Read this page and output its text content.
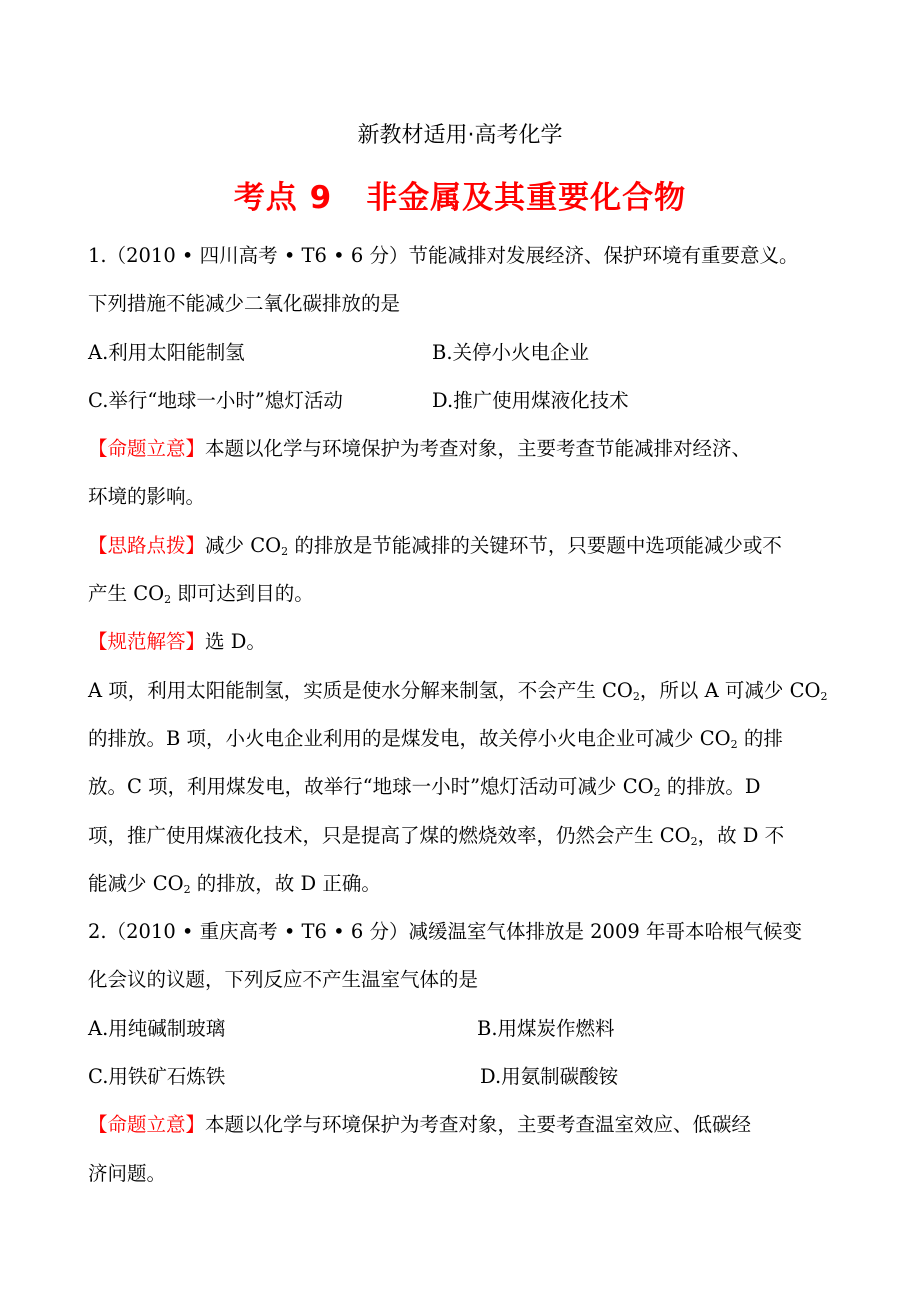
新教材适用·高考化学
考点 9 非金属及其重要化合物
1.（2010 • 四川高考 • T6 • 6 分）节能减排对发展经济、保护环境有重要意义。
下列措施不能减少二氧化碳排放的是
A.利用太阳能制氢	B.关停小火电企业
C.举行“地球一小时”熄灯活动	D.推广使用煤液化技术
【命题立意】本题以化学与环境保护为考查对象，主要考查节能减排对经济、
环境的影响。
【思路点拨】减少 $CO_2$ 的排放是节能减排的关键环节，只要题中选项能减少或不
产生 $CO_2$ 即可达到目的。
【规范解答】选 D。
A 项，利用太阳能制氢，实质是使水分解来制氢，不会产生 $CO_2$，所以 A 可减少 $CO_2$
的排放。B 项，小火电企业利用的是煤发电，故关停小火电企业可减少 $CO_2$ 的排
放。C 项，利用煤发电，故举行“地球一小时”熄灯活动可减少 $CO_2$ 的排放。D
项，推广使用煤液化技术，只是提高了煤的燃烧效率，仍然会产生 $CO_2$，故 D 不
能减少 $CO_2$ 的排放，故 D 正确。
2.（2010 • 重庆高考 • T6 • 6 分）减缓温室气体排放是 2009 年哥本哈根气候变
化会议的议题，下列反应不产生温室气体的是
A.用纯碱制玻璃	B.用煤炭作燃料
C.用铁矿石炼铁	D.用氨制碳酸铵
【命题立意】本题以化学与环境保护为考查对象，主要考查温室效应、低碳经
济问题。
